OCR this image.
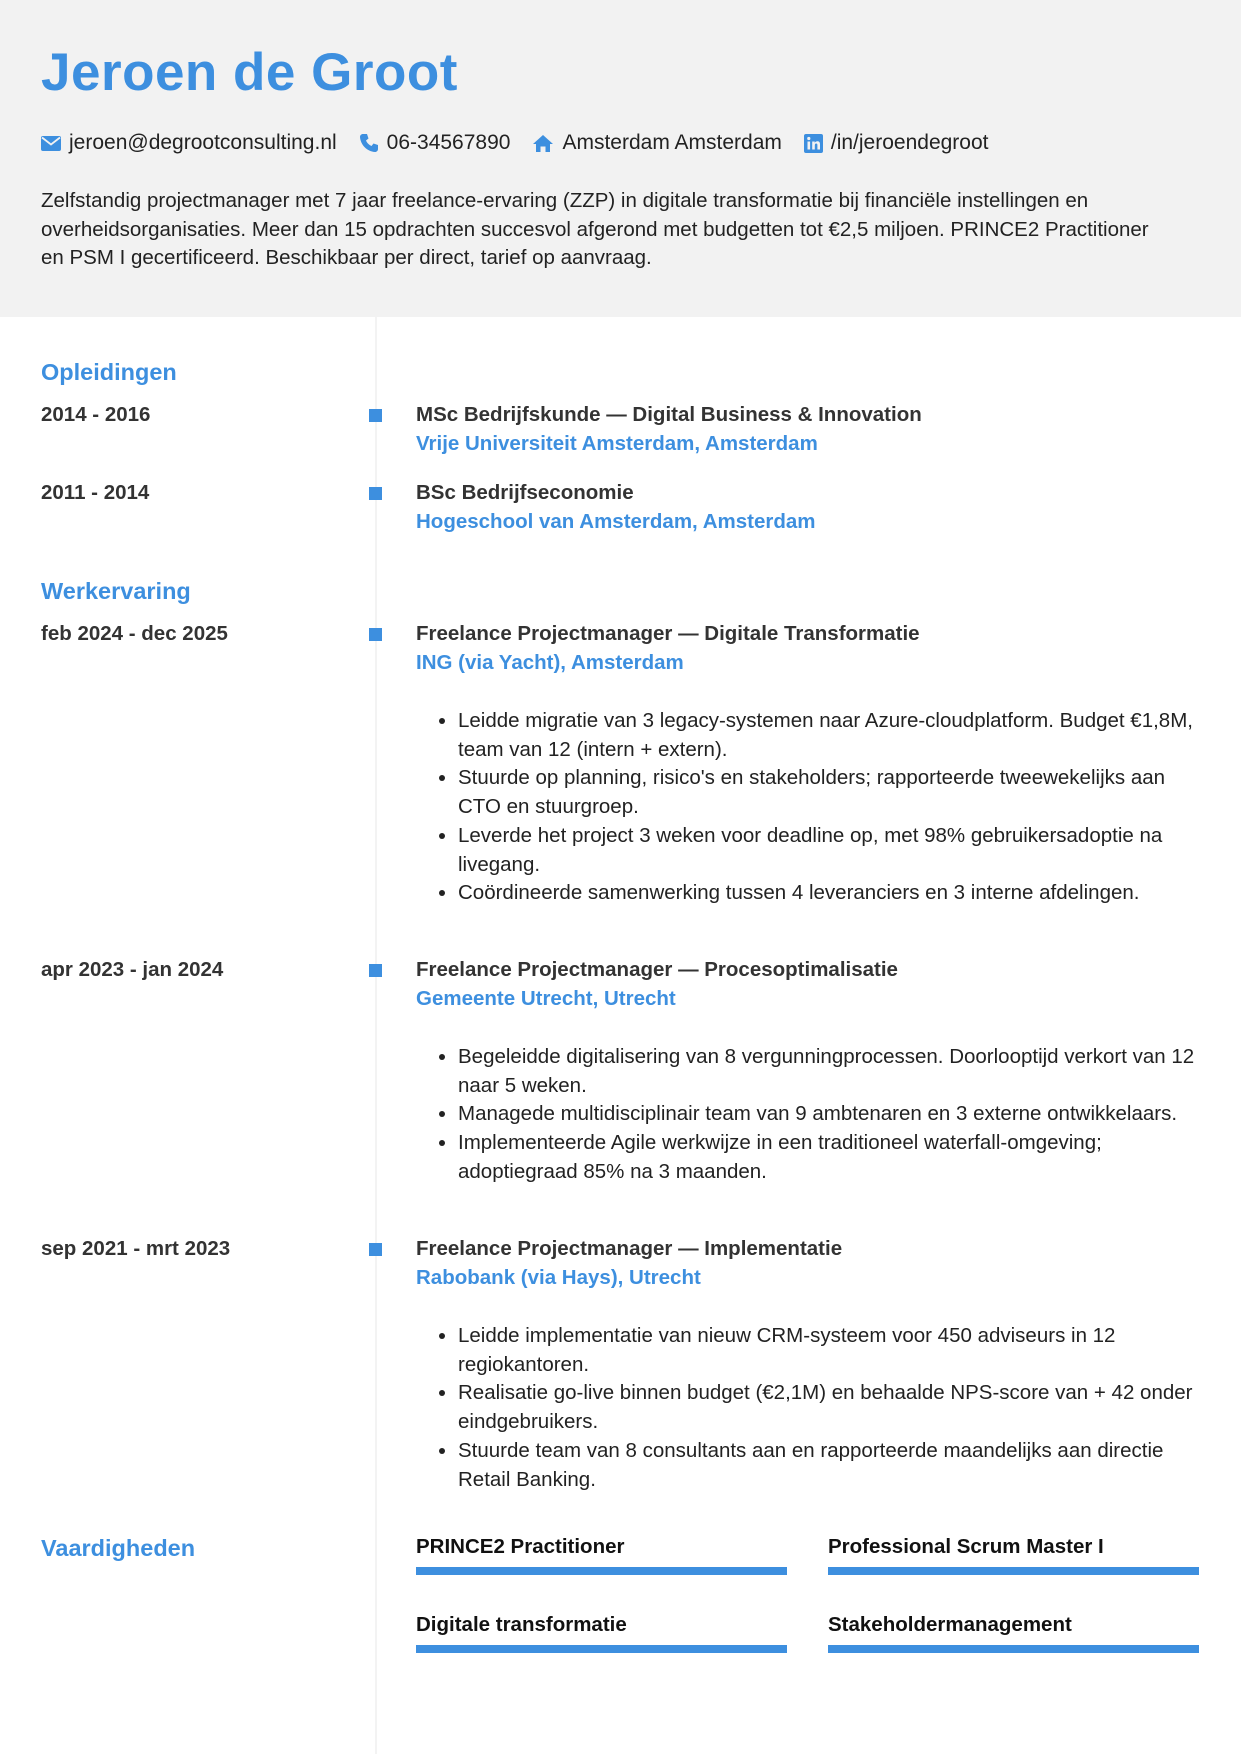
Jeroen de Groot
jeroen@degrootconsulting.nl 06-34567890 Amsterdam Amsterdam /in/jeroendegroot

Zelfstandig projectmanager met 7 jaar freelance-ervaring (ZZP) in digitale transformatie bij financiële instellingen en overheidsorganisaties. Meer dan 15 opdrachten succesvol afgerond met budgetten tot €2,5 miljoen. PRINCE2 Practitioner en PSM I gecertificeerd. Beschikbaar per direct, tarief op aanvraag.

Opleidingen
2014 - 2016	MSc Bedrijfskunde — Digital Business & Innovation
Vrije Universiteit Amsterdam, Amsterdam
2011 - 2014	BSc Bedrijfseconomie
Hogeschool van Amsterdam, Amsterdam
Werkervaring
feb 2024 - dec 2025	Freelance Projectmanager — Digitale Transformatie
ING (via Yacht), Amsterdam
• Leidde migratie van 3 legacy-systemen naar Azure-cloudplatform. Budget €1,8M, team van 12 (intern + extern).
• Stuurde op planning, risico's en stakeholders; rapporteerde tweewekelijks aan CTO en stuurgroep.
• Leverde het project 3 weken voor deadline op, met 98% gebruikersadoptie na livegang.
• Coördineerde samenwerking tussen 4 leveranciers en 3 interne afdelingen.
apr 2023 - jan 2024	Freelance Projectmanager — Procesoptimalisatie
Gemeente Utrecht, Utrecht
• Begeleidde digitalisering van 8 vergunningprocessen. Doorlooptijd verkort van 12 naar 5 weken.
• Managede multidisciplinair team van 9 ambtenaren en 3 externe ontwikkelaars.
• Implementeerde Agile werkwijze in een traditioneel waterfall-omgeving; adoptiegraad 85% na 3 maanden.
sep 2021 - mrt 2023	Freelance Projectmanager — Implementatie
Rabobank (via Hays), Utrecht
• Leidde implementatie van nieuw CRM-systeem voor 450 adviseurs in 12 regiokantoren.
• Realisatie go-live binnen budget (€2,1M) en behaalde NPS-score van + 42 onder eindgebruikers.
• Stuurde team van 8 consultants aan en rapporteerde maandelijks aan directie Retail Banking.
Vaardigheden	PRINCE2 Practitioner	Professional Scrum Master I
Digitale transformatie	Stakeholdermanagement
